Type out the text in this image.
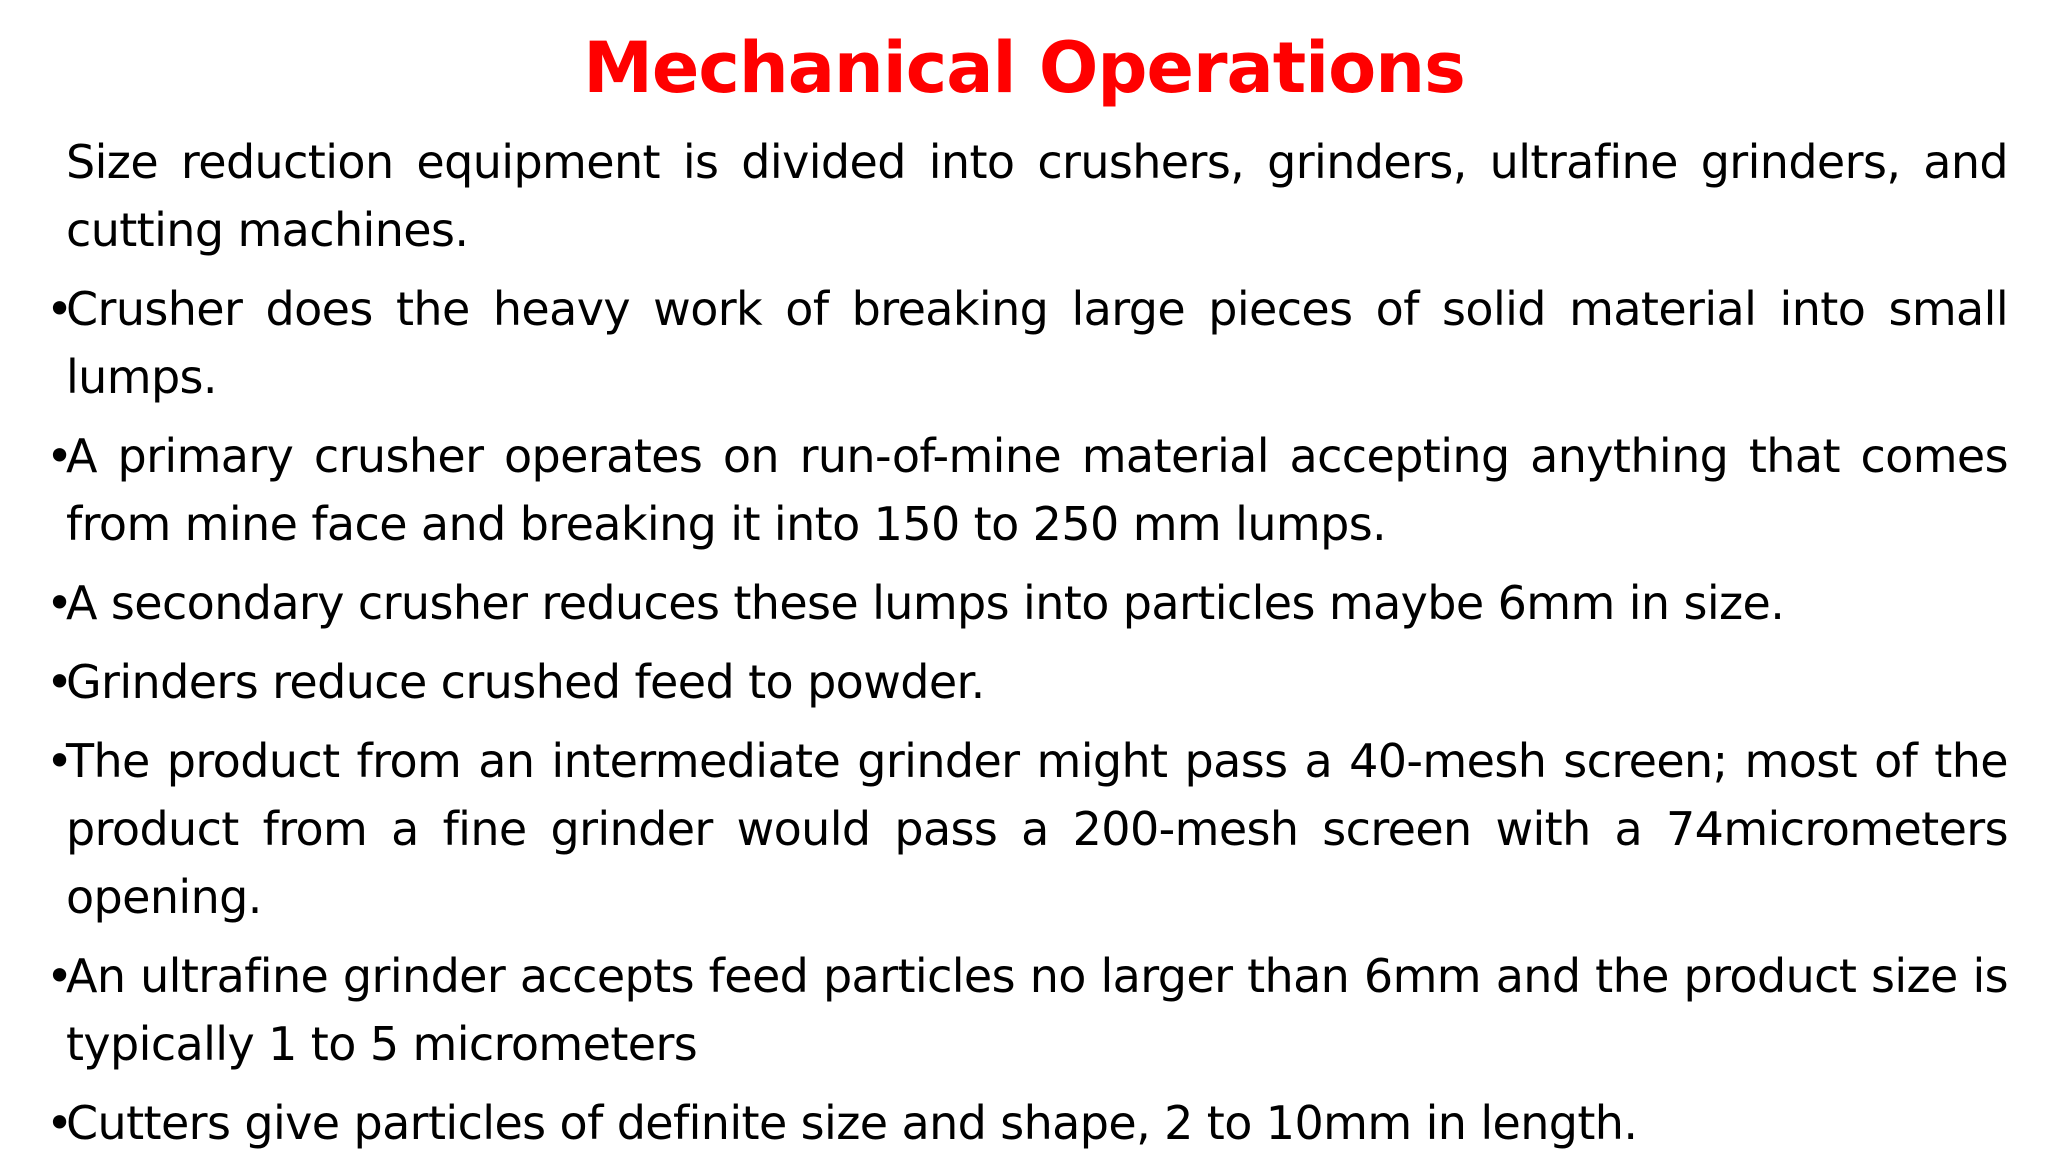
Mechanical Operations
Size reduction equipment is divided into crushers, grinders, ultrafine grinders, and cutting machines.
•
Crusher does the heavy work of breaking large pieces of solid material into small lumps.
•
A primary crusher operates on run-of-mine material accepting anything that comes from mine face and breaking it into 150 to 250 mm lumps.
•
A secondary crusher reduces these lumps into particles maybe 6mm in size.
•
Grinders reduce crushed feed to powder.
•
The product from an intermediate grinder might pass a 40-mesh screen; most of the product from a fine grinder would pass a 200-mesh screen with a 74micrometers opening.
•
An ultrafine grinder accepts feed particles no larger than 6mm and the product size is typically 1 to 5 micrometers
•
Cutters give particles of definite size and shape, 2 to 10mm in length.
